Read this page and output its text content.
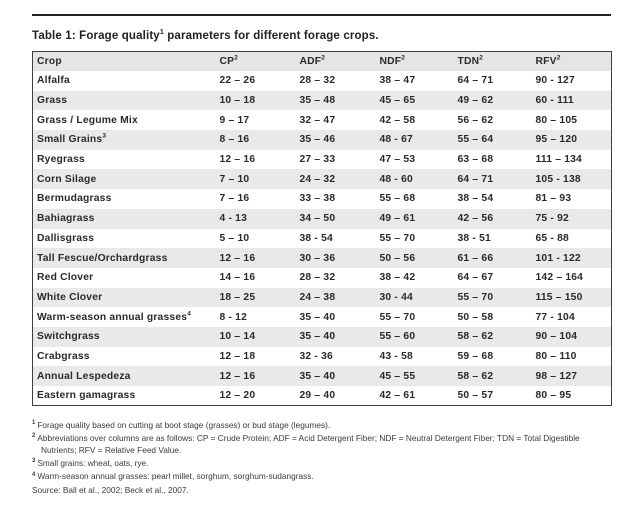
Table 1: Forage quality$^1$ parameters for different forage crops.
Crop	$CP^2$	ADF$^2$	NDF$^2$	TDN$^2$	RFV$^2$
Alfalfa	22 – 26	28 – 32	38 – 47	64 – 71	90 - 127
Grass	10 – 18	35 – 48	45 – 65	49 – 62	60 - 111
Grass / Legume Mix	9 – 17	32 – 47	42 – 58	56 – 62	80 – 105
Small Grains$^3$	8 – 16	35 – 46	48 - 67	55 – 64	95 – 120
Ryegrass	12 – 16	27 – 33	47 – 53	63 – 68	111 – 134
Corn Silage	7 – 10	24 – 32	48 - 60	64 – 71	105 - 138
Bermudagrass	7 – 16	33 – 38	55 – 68	38 – 54	81 – 93
Bahiagrass	4 - 13	34 – 50	49 – 61	42 – 56	75 - 92
Dallisgrass	5 – 10	38 - 54	55 – 70	38 - 51	65 - 88
Tall Fescue/Orchardgrass	12 – 16	30 – 36	50 – 56	61 – 66	101 - 122
Red Clover	14 – 16	28 – 32	38 – 42	64 – 67	142 – 164
White Clover	18 – 25	24 – 38	30 - 44	55 – 70	115 – 150
Warm-season annual grasses$^4$	8 - 12	35 – 40	55 – 70	50 – 58	77 - 104
Switchgrass	10 – 14	35 – 40	55 – 60	58 – 62	90 – 104
Crabgrass	12 – 18	32 - 36	43 - 58	59 – 68	80 – 110
Annual Lespedeza	12 – 16	35 – 40	45 – 55	58 – 62	98 – 127
Eastern gamagrass	12 – 20	29 – 40	42 – 61	50 – 57	80 – 95
$^1$ Forage quality based on cutting at boot stage (grasses) or bud stage (legumes).
$^2$ Abbreviations over columns are as follows: CP = Crude Protein; ADF = Acid Detergent Fiber; NDF = Neutral Detergent Fiber; TDN = Total Digestible Nutrients; RFV = Relative Feed Value.
$^3$ Small grains: wheat, oats, rye.
$^4$ Warm-season annual grasses: pearl millet, sorghum, sorghum-sudangrass.
Source: Ball et al., 2002; Beck et al., 2007.
